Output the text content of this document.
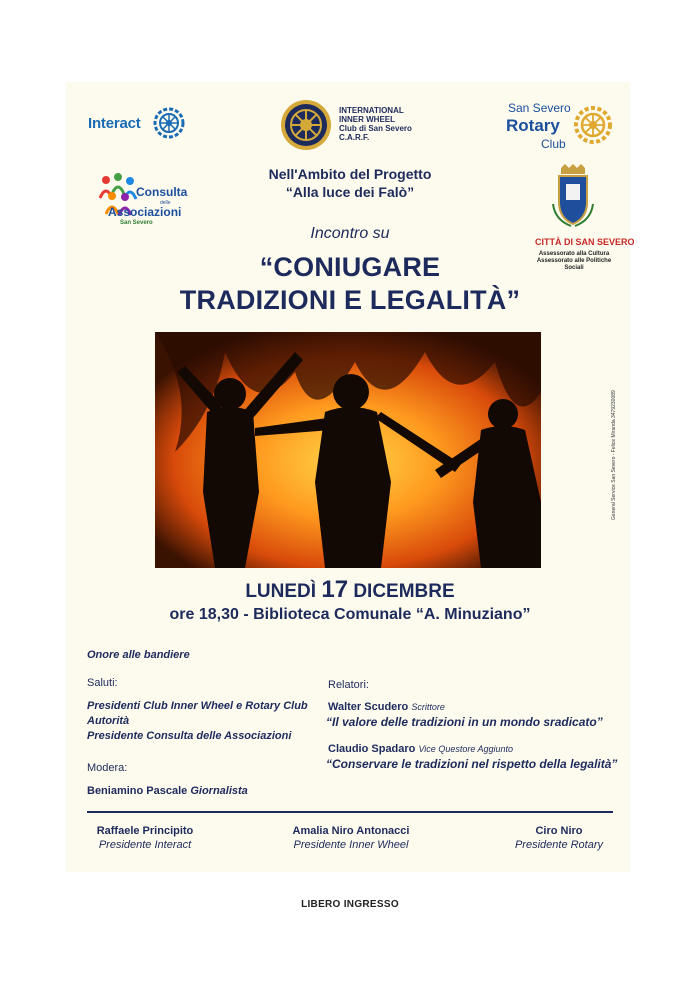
Interact
INTERNATIONAL
INNER WHEEL
Club di San Severo
C.A.R.F.
San Severo
Rotary
Club
Consulta
delle
Associazioni
San Severo
CITTÀ DI SAN SEVERO
Assessorato alla Cultura
Assessorato alle Politiche Sociali
Nell'Ambito del Progetto
“Alla luce dei Falò”
Incontro su
“CONIUGARE
TRADIZIONI E LEGALITÀ”
LUNEDÌ 17 DICEMBRE
ore 18,30 - Biblioteca Comunale “A. Minuziano”
Onore alle bandiere
Saluti:
Presidenti Club Inner Wheel e Rotary Club
Autorità
Presidente Consulta delle Associazioni
Modera:
Beniamino Pascale Giornalista
Relatori:
Walter Scudero Scrittore
“Il valore delle tradizioni in un mondo sradicato”
Claudio Spadaro Vice Questore Aggiunto
“Conservare le tradizioni nel rispetto della legalità”
Raffaele Principito
Presidente Interact
Amalia Niro Antonacci
Presidente Inner Wheel
Ciro Niro
Presidente Rotary
General Service San Severo - Felice Miranda 3479230089
LIBERO INGRESSO
